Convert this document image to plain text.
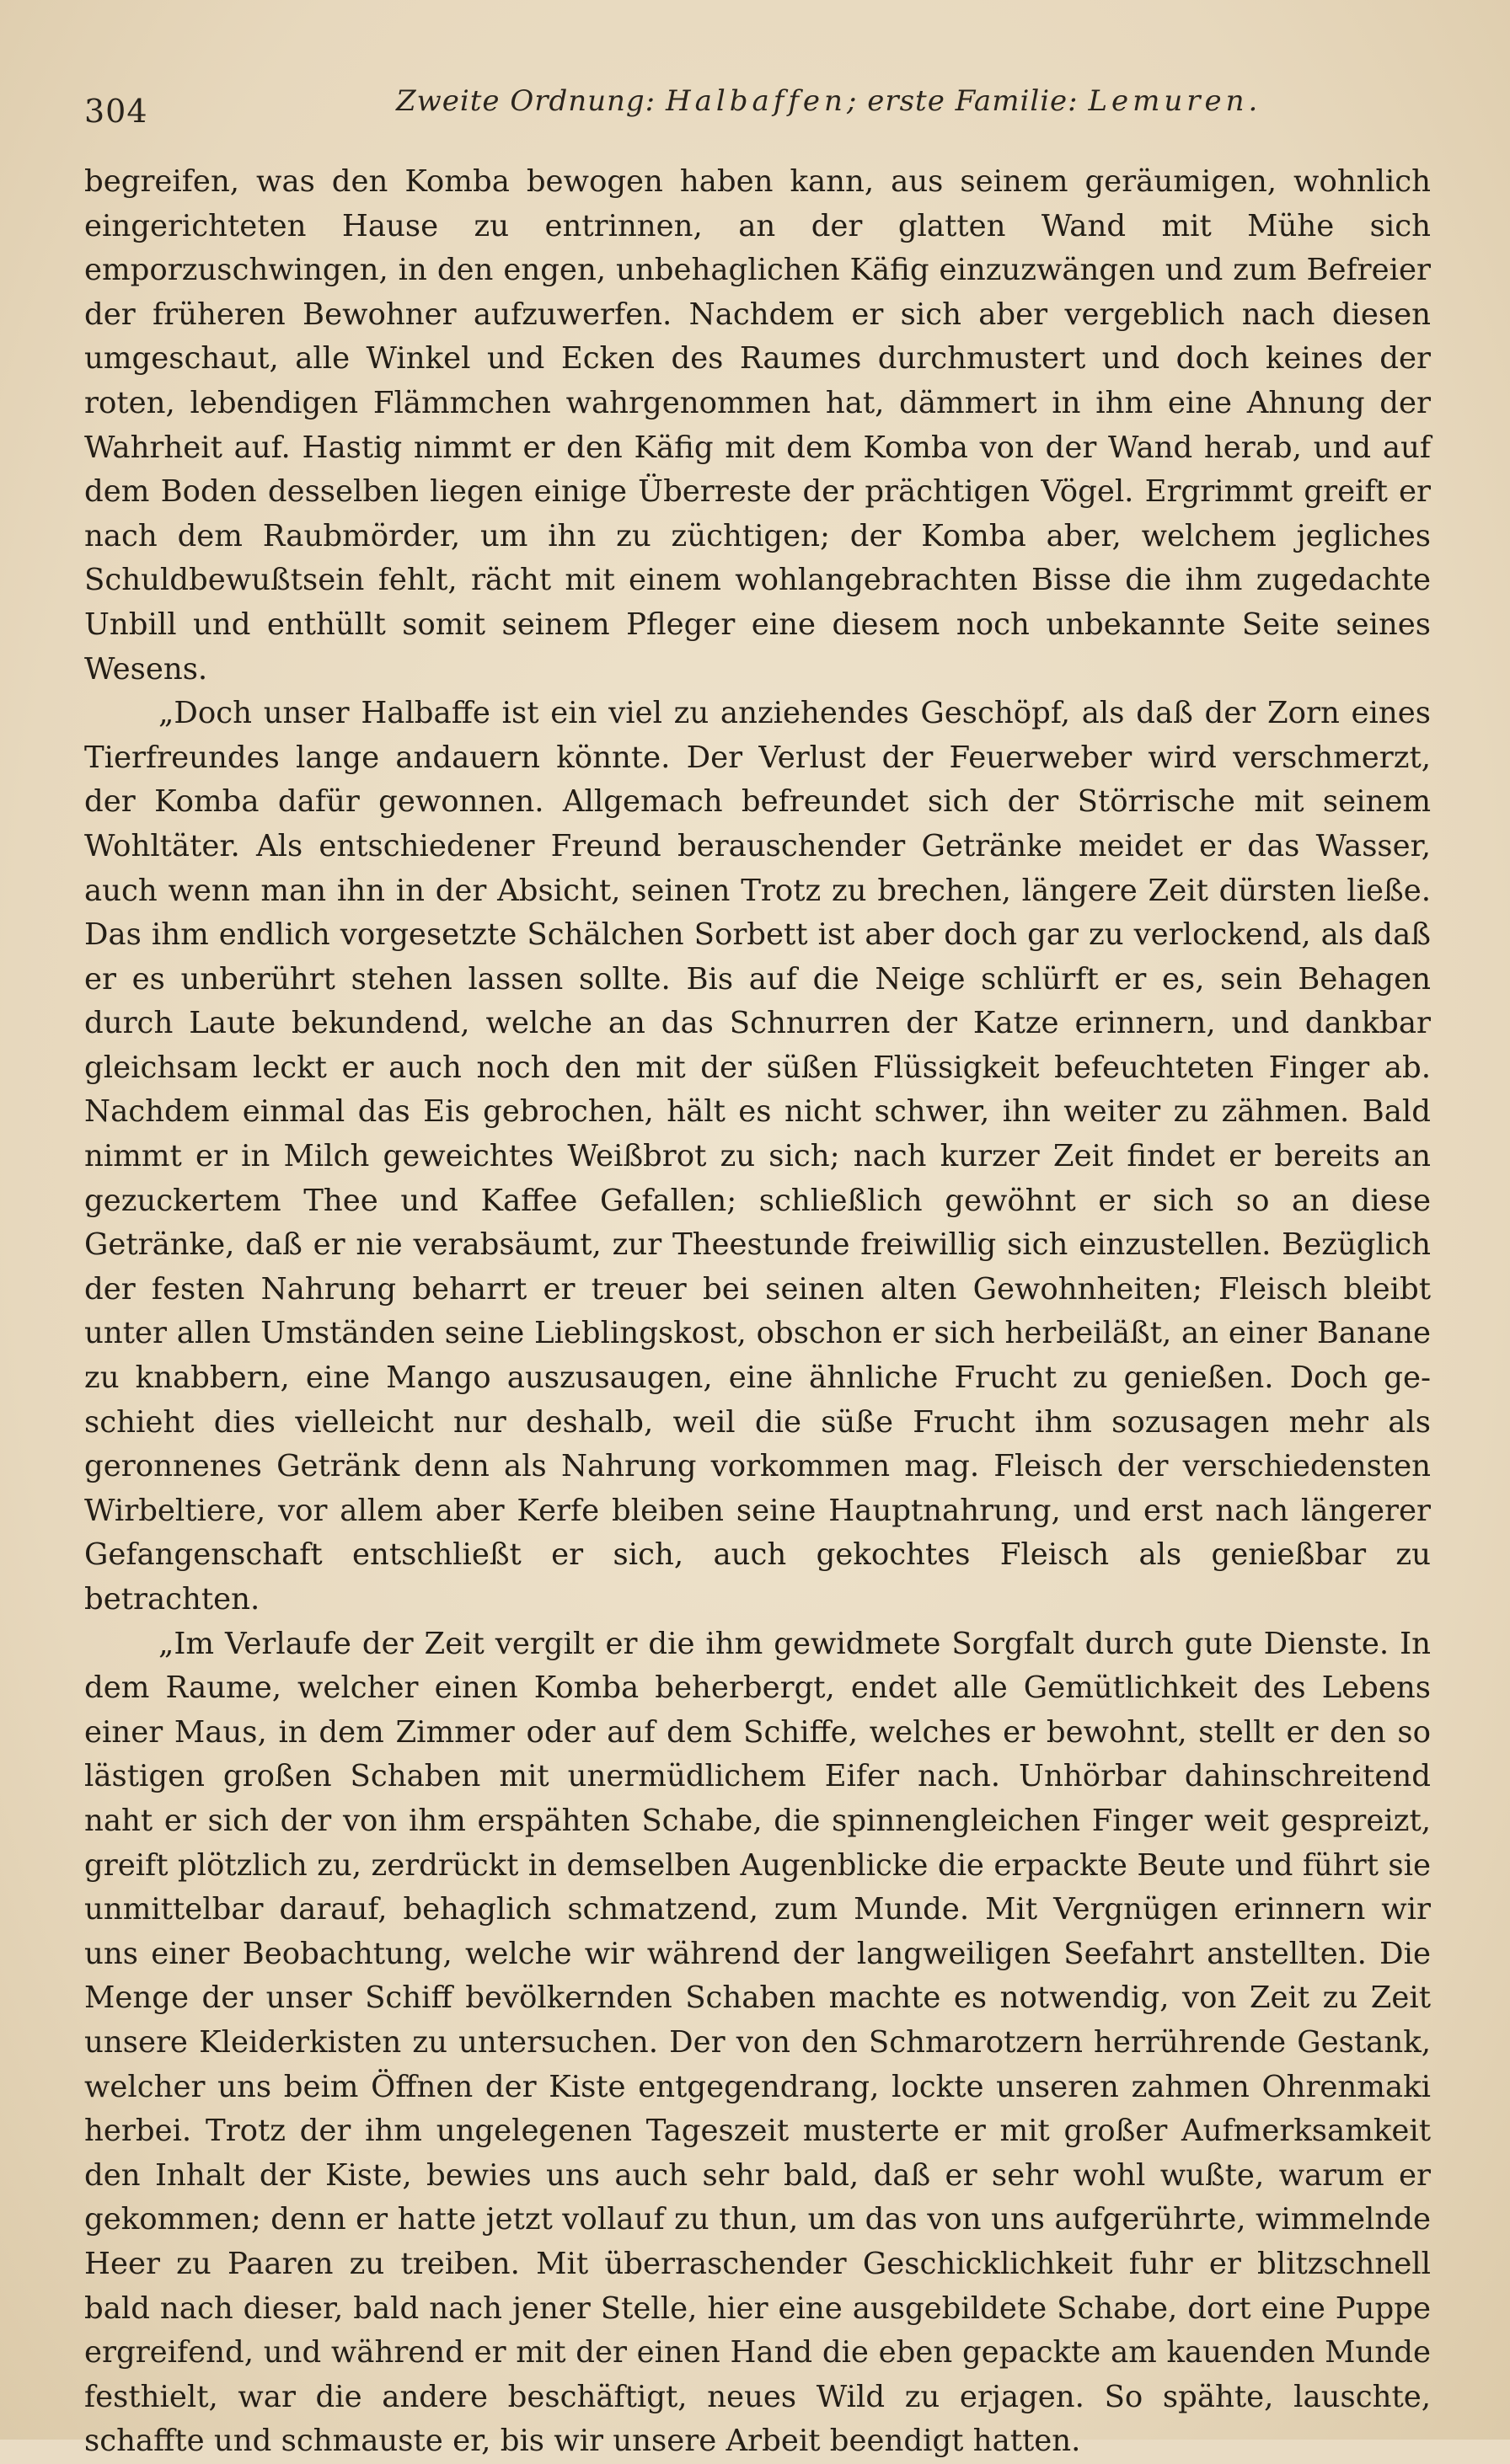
304	Zweite Ordnung: Halbaffen; erste Familie: Lemuren.

begreifen, was den Komba bewogen haben kann, aus seinem geräumigen, wohnlich eingerichteten Hause zu entrinnen, an der glatten Wand mit Mühe sich emporzuschwingen, in den engen, unbehaglichen Käfig einzuzwängen und zum Befreier der früheren Bewohner aufzuwerfen. Nachdem er sich aber vergeblich nach diesen umgeschaut, alle Winkel und Ecken des Raumes durchmustert und doch keines der roten, lebendigen Flämmchen wahrgenommen hat, dämmert in ihm eine Ahnung der Wahrheit auf. Hastig nimmt er den Käfig mit dem Komba von der Wand herab, und auf dem Boden desselben liegen einige Überreste der prächtigen Vögel. Ergrimmt greift er nach dem Raubmörder, um ihn zu züchtigen; der Komba aber, welchem jegliches Schuldbewußtsein fehlt, rächt mit einem wohlangebrachten Bisse die ihm zugedachte Unbill und enthüllt somit seinem Pfleger eine diesem noch unbekannte Seite seines Wesens.

„Doch unser Halbaffe ist ein viel zu anziehendes Geschöpf, als daß der Zorn eines Tierfreundes lange andauern könnte. Der Verlust der Feuerweber wird verschmerzt, der Komba dafür gewonnen. Allgemach befreundet sich der Störrische mit seinem Wohltäter. Als entschiedener Freund berauschender Getränke meidet er das Wasser, auch wenn man ihn in der Absicht, seinen Trotz zu brechen, längere Zeit dürsten ließe. Das ihm endlich vorgesetzte Schälchen Sorbett ist aber doch gar zu verlockend, als daß er es unberührt stehen lassen sollte. Bis auf die Neige schlürft er es, sein Behagen durch Laute bekundend, welche an das Schnurren der Katze erinnern, und dankbar gleichsam leckt er auch noch den mit der süßen Flüssigkeit befeuchteten Finger ab. Nachdem einmal das Eis gebrochen, hält es nicht schwer, ihn weiter zu zähmen. Bald nimmt er in Milch geweichtes Weißbrot zu sich; nach kurzer Zeit findet er bereits an gezuckertem Thee und Kaffee Gefallen; schließlich gewöhnt er sich so an diese Getränke, daß er nie verabsäumt, zur Theestunde freiwillig sich einzustellen. Bezüglich der festen Nahrung beharrt er treuer bei seinen alten Gewohnheiten; Fleisch bleibt unter allen Umständen seine Lieblingskost, obschon er sich herbeiläßt, an einer Banane zu knabbern, eine Mango auszusaugen, eine ähnliche Frucht zu genießen. Doch geschieht dies vielleicht nur deshalb, weil die süße Frucht ihm sozusagen mehr als geronnenes Getränk denn als Nahrung vorkommen mag. Fleisch der verschiedensten Wirbeltiere, vor allem aber Kerfe bleiben seine Hauptnahrung, und erst nach längerer Gefangenschaft entschließt er sich, auch gekochtes Fleisch als genießbar zu betrachten.

„Im Verlaufe der Zeit vergilt er die ihm gewidmete Sorgfalt durch gute Dienste. In dem Raume, welcher einen Komba beherbergt, endet alle Gemütlichkeit des Lebens einer Maus, in dem Zimmer oder auf dem Schiffe, welches er bewohnt, stellt er den so lästigen großen Schaben mit unermüdlichem Eifer nach. Unhörbar dahinschreitend naht er sich der von ihm erspähten Schabe, die spinnengleichen Finger weit gespreizt, greift plötzlich zu, zerdrückt in demselben Augenblicke die erpackte Beute und führt sie unmittelbar darauf, behaglich schmatzend, zum Munde. Mit Vergnügen erinnern wir uns einer Beobachtung, welche wir während der langweiligen Seefahrt anstellten. Die Menge der unser Schiff bevölkernden Schaben machte es notwendig, von Zeit zu Zeit unsere Kleiderkisten zu untersuchen. Der von den Schmarotzern herrührende Gestank, welcher uns beim Öffnen der Kiste entgegendrang, lockte unseren zahmen Ohrenmaki herbei. Trotz der ihm ungelegenen Tageszeit musterte er mit großer Aufmerksamkeit den Inhalt der Kiste, bewies uns auch sehr bald, daß er sehr wohl wußte, warum er gekommen; denn er hatte jetzt vollauf zu thun, um das von uns aufgerührte, wimmelnde Heer zu Paaren zu treiben. Mit überraschender Geschicklichkeit fuhr er blitzschnell bald nach dieser, bald nach jener Stelle, hier eine ausgebildete Schabe, dort eine Puppe ergreifend, und während er mit der einen Hand die eben gepackte am kauenden Munde festhielt, war die andere beschäftigt, neues Wild zu erjagen. So spähte, lauschte, schaffte und schmauste er, bis wir unsere Arbeit beendigt hatten.
